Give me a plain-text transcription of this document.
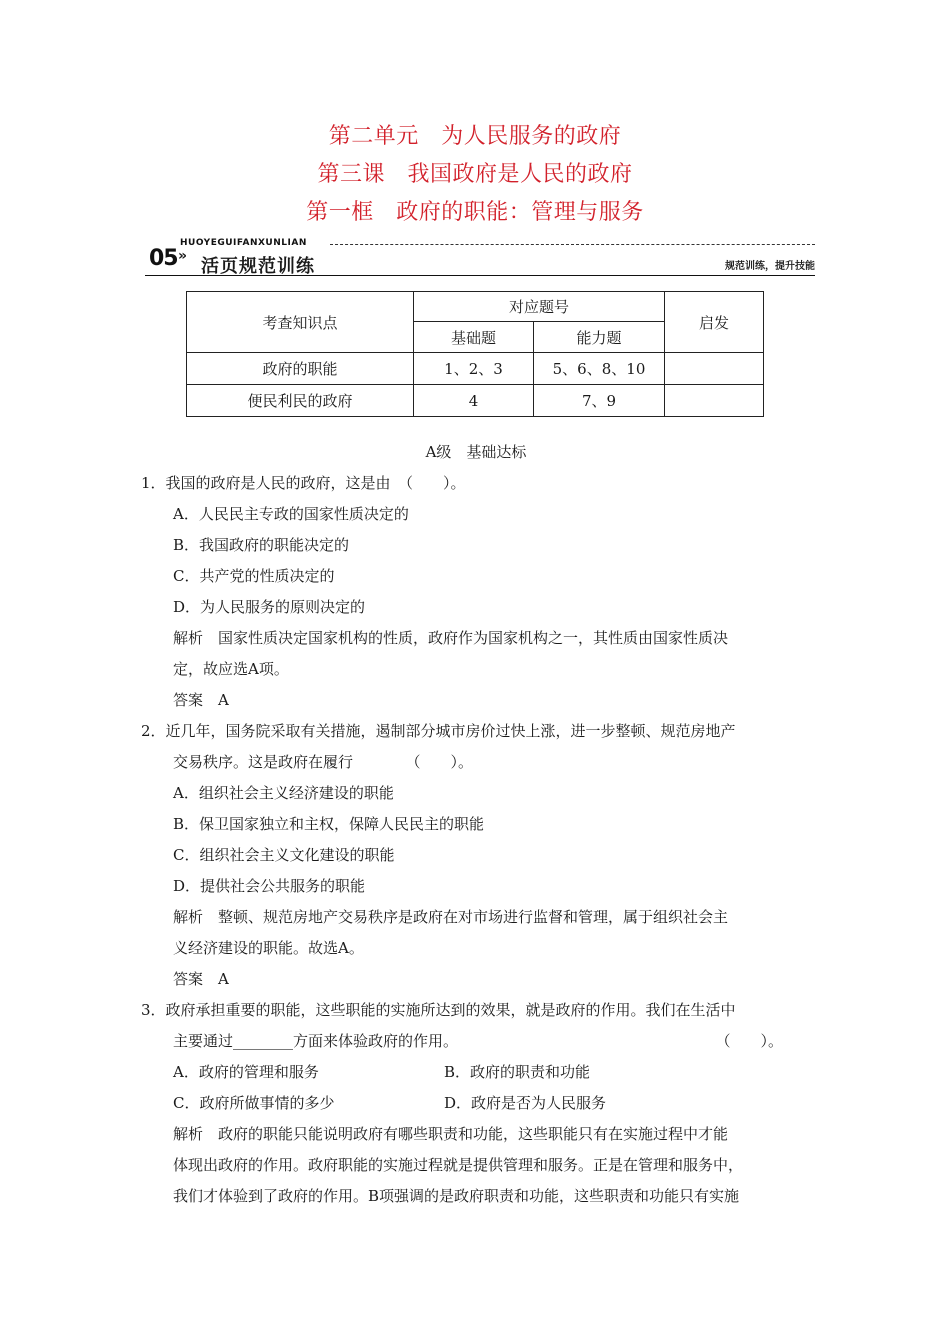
第二单元　为人民服务的政府
第三课　我国政府是人民的政府
第一框　政府的职能：管理与服务
HUOYEGUIFANXUNLIAN
05 » 活页规范训练	规范训练，提升技能
考查知识点	对应题号		启发
	基础题	能力题	
政府的职能	1、2、3	5、6、8、10	
便民利民的政府	4	7、9	
A级　基础达标
1．我国的政府是人民的政府，这是由　（　　）。
A．人民民主专政的国家性质决定的
B．我国政府的职能决定的
C．共产党的性质决定的
D．为人民服务的原则决定的
解析　国家性质决定国家机构的性质，政府作为国家机构之一，其性质由国家性质决
定，故应选A项。
答案　A
2．近几年，国务院采取有关措施，遏制部分城市房价过快上涨，进一步整顿、规范房地产
交易秩序。这是政府在履行　　　　（　　）。
A．组织社会主义经济建设的职能
B．保卫国家独立和主权，保障人民民主的职能
C．组织社会主义文化建设的职能
D．提供社会公共服务的职能
解析　整顿、规范房地产交易秩序是政府在对市场进行监督和管理，属于组织社会主
义经济建设的职能。故选A。
答案　A
3．政府承担重要的职能，这些职能的实施所达到的效果，就是政府的作用。我们在生活中
主要通过________方面来体验政府的作用。	（　　）。
A．政府的管理和服务	B．政府的职责和功能
C．政府所做事情的多少	D．政府是否为人民服务
解析　政府的职能只能说明政府有哪些职责和功能，这些职能只有在实施过程中才能
体现出政府的作用。政府职能的实施过程就是提供管理和服务。正是在管理和服务中，
我们才体验到了政府的作用。B项强调的是政府职责和功能，这些职责和功能只有实施
